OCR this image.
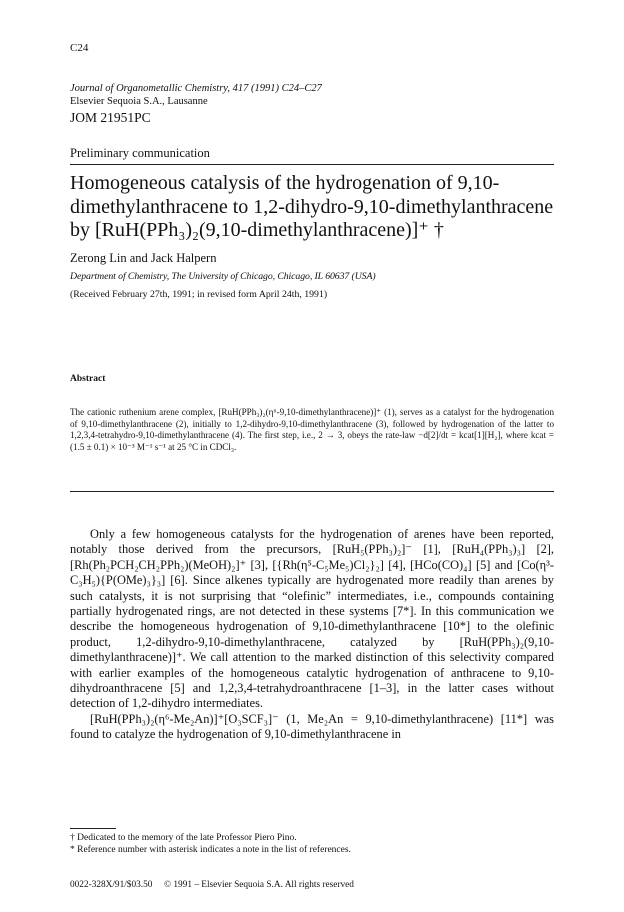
C24
Journal of Organometallic Chemistry, 417 (1991) C24–C27
Elsevier Sequoia S.A., Lausanne
JOM 21951PC
Preliminary communication
Homogeneous catalysis of the hydrogenation of 9,10-dimethylanthracene to 1,2-dihydro-9,10-dimethylanthracene by [RuH(PPh₃)₂(9,10-dimethylanthracene)]⁺ †
Zerong Lin and Jack Halpern
Department of Chemistry, The University of Chicago, Chicago, IL 60637 (USA)
(Received February 27th, 1991; in revised form April 24th, 1991)
Abstract
The cationic ruthenium arene complex, [RuH(PPh₃)₂(η⁶-9,10-dimethylanthracene)]⁺ (1), serves as a catalyst for the hydrogenation of 9,10-dimethylanthracene (2), initially to 1,2-dihydro-9,10-dimethylanthracene (3), followed by hydrogenation of the latter to 1,2,3,4-tetrahydro-9,10-dimethylanthracene (4). The first step, i.e., 2 → 3, obeys the rate-law −d[2]/dt = kcat[1][H₂], where kcat = (1.5 ± 0.1) × 10⁻³ M⁻¹ s⁻¹ at 25 °C in CDCl₃.

Only a few homogeneous catalysts for the hydrogenation of arenes have been reported, notably those derived from the precursors, [RuH₅(PPh₃)₂]⁻ [1], [RuH₄(PPh₃)₃] [2], [Rh(Ph₂PCH₂CH₂PPh₂)(MeOH)₂]⁺ [3], [{Rh(η⁵-C₅Me₅)Cl₂}₂] [4], [HCo(CO)₄] [5] and [Co(η³-C₃H₅){P(OMe)₃}₃] [6]. Since alkenes typically are hydrogenated more readily than arenes by such catalysts, it is not surprising that “olefinic” intermediates, i.e., compounds containing partially hydrogenated rings, are not detected in these systems [7*]. In this communication we describe the homogeneous hydrogenation of 9,10-dimethylanthracene [10*] to the olefinic product, 1,2-dihydro-9,10-dimethylanthracene, catalyzed by [RuH(PPh₃)₂(9,10-dimethylanthracene)]⁺. We call attention to the marked distinction of this selectivity compared with earlier examples of the homogeneous catalytic hydrogenation of anthracene to 9,10-dihydroanthracene [5] and 1,2,3,4-tetrahydroanthracene [1–3], in the latter cases without detection of 1,2-dihydro intermediates.

[RuH(PPh₃)₂(η⁶-Me₂An)]⁺[O₃SCF₃]⁻ (1, Me₂An = 9,10-dimethylanthracene) [11*] was found to catalyze the hydrogenation of 9,10-dimethylanthracene in

† Dedicated to the memory of the late Professor Piero Pino.
* Reference number with asterisk indicates a note in the list of references.
0022-328X/91/$03.50 © 1991 – Elsevier Sequoia S.A. All rights reserved
